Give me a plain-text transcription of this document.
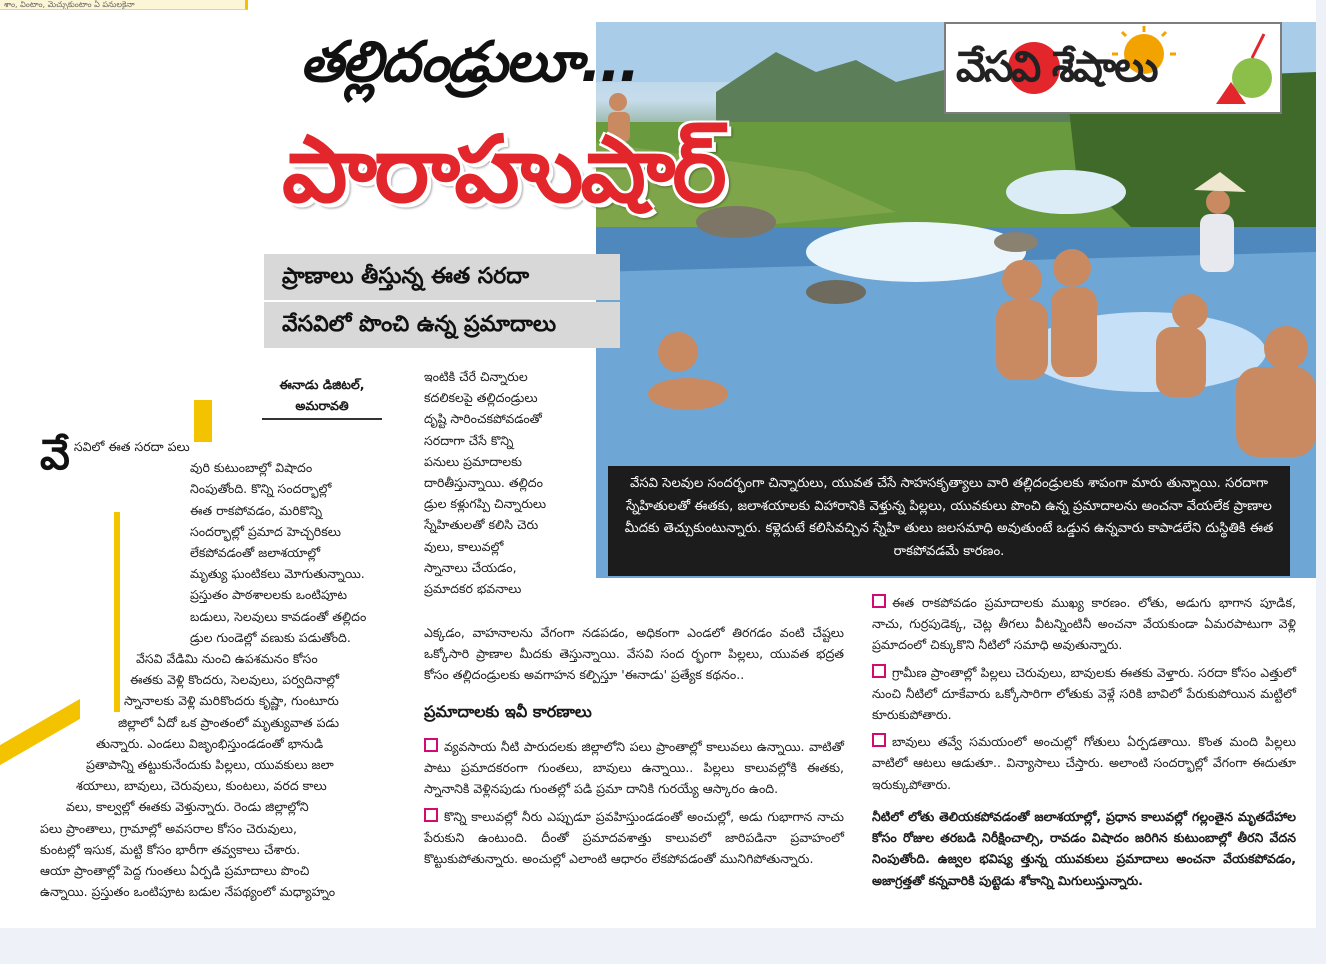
శాం, వింటాం, మెచ్చుకుంటాం ఏ పనులకైనా
తల్లిదండ్రులూ...
పారాహుషార్
వేసవి శేషాలు
ప్రాణాలు తీస్తున్న ఈత సరదా
వేసవిలో పొంచి ఉన్న ప్రమాదాలు
ఈనాడు డిజిటల్,
అమరావతి
వే సవిలో ఈత సరదా పలు
వురి కుటుంబాల్లో విషాదం
నింపుతోంది. కొన్ని సందర్భాల్లో
ఈత రాకపోవడం, మరికొన్ని
సందర్భాల్లో ప్రమాద హెచ్చరికలు
లేకపోవడంతో జలాశయాల్లో
మృత్యు ఘంటికలు మోగుతున్నాయి.
ప్రస్తుతం పాఠశాలలకు ఒంటిపూట
బడులు, సెలవులు కావడంతో తల్లిదం
డ్రుల గుండెల్లో వణుకు పడుతోంది.
వేసవి వేడిమి నుంచి ఉపశమనం కోసం
ఈతకు వెళ్లి కొందరు, సెలవులు, పర్వదినాల్లో
స్నానాలకు వెళ్లి మరికొందరు కృష్ణా, గుంటూరు
జిల్లాలో ఏదో ఒక ప్రాంతంలో మృత్యువాత పడు
తున్నారు. ఎండలు విజృంభిస్తుండడంతో భానుడి
ప్రతాపాన్ని తట్టుకునేందుకు పిల్లలు, యువకులు జలా
శయాలు, బావులు, చెరువులు, కుంటలు, వరద కాలు
వలు, కాల్వల్లో ఈతకు వెళ్తున్నారు. రెండు జిల్లాల్లోని
పలు ప్రాంతాలు, గ్రామాల్లో అవసరాల కోసం చెరువులు,
కుంటల్లో ఇసుక, మట్టి కోసం భారీగా తవ్వకాలు చేశారు.
ఆయా ప్రాంతాల్లో పెద్ద గుంతలు ఏర్పడి ప్రమాదాలు పొంచి
ఉన్నాయి. ప్రస్తుతం ఒంటిపూట బడుల నేపథ్యంలో మధ్యాహ్నం
ఇంటికి చేరే చిన్నారుల
కదలికలపై తల్లిదండ్రులు
దృష్టి సారించకపోవడంతో
సరదాగా చేసే కొన్ని
పనులు ప్రమాదాలకు
దారితీస్తున్నాయి. తల్లిదం
డ్రుల కళ్లుగప్పి చిన్నారులు
స్నేహితులతో కలిసి చెరు
వులు, కాలువల్లో
స్నానాలు చేయడం,
ప్రమాదకర భవనాలు
ఎక్కడం, వాహనాలను వేగంగా నడపడం, అధికంగా ఎండలో తిరగడం వంటి చేష్టలు ఒక్కోసారి ప్రాణాల మీదకు తెస్తున్నాయి. వేసవి సంద ర్భంగా పిల్లలు, యువత భద్రత కోసం తల్లిదండ్రులకు అవగాహన కల్పిస్తూ 'ఈనాడు' ప్రత్యేక కథనం..
ప్రమాదాలకు ఇవీ కారణాలు

వ్యవసాయ నీటి పారుదలకు జిల్లాలోని పలు ప్రాంతాల్లో కాలువలు ఉన్నాయి. వాటితో పాటు ప్రమాదకరంగా గుంతలు, బావులు ఉన్నాయి.. పిల్లలు కాలువల్లోకి ఈతకు, స్నానానికి వెళ్లినపుడు గుంతల్లో పడి ప్రమా దానికి గురయ్యే ఆస్కారం ఉంది.

కొన్ని కాలువల్లో నీరు ఎప్పుడూ ప్రవహిస్తుండడంతో అంచుల్లో, అడు గుభాగాన నాచు పేరుకుని ఉంటుంది. దీంతో ప్రమాదవశాత్తు కాలువలో జారిపడినా ప్రవాహంలో కొట్టుకుపోతున్నారు. అంచుల్లో ఎలాంటి ఆధారం లేకపోవడంతో మునిగిపోతున్నారు.

ఈత రాకపోవడం ప్రమాదాలకు ముఖ్య కారణం. లోతు, అడుగు భాగాన పూడిక, నాచు, గుర్రపుడెక్క, చెట్ల తీగలు వీటన్నింటినీ అంచనా వేయకుండా ఏమరపాటుగా వెళ్లి ప్రమాదంలో చిక్కుకొని నీటిలో సమాధి అవుతున్నారు.

గ్రామీణ ప్రాంతాల్లో పిల్లలు చెరువులు, బావులకు ఈతకు వెళ్తారు. సరదా కోసం ఎత్తులో నుంచి నీటిలో దూకేవారు ఒక్కోసారిగా లోతుకు వెళ్లే సరికి బావిలో పేరుకుపోయిన మట్టిలో కూరుకుపోతారు.

బావులు తవ్వే సమయంలో అంచుల్లో గోతులు ఏర్పడతాయి. కొంత మంది పిల్లలు వాటిలో ఆటలు ఆడుతూ.. విన్యాసాలు చేస్తారు. అలాంటి సందర్భాల్లో వేగంగా ఈదుతూ ఇరుక్కుపోతారు.

నీటిలో లోతు తెలియకపోవడంతో జలాశయాల్లో, ప్రధాన కాలువల్లో గల్లంతైన మృతదేహాల కోసం రోజుల తరబడి నిరీక్షించాల్సి, రావడం విషాదం జరిగిన కుటుంబాల్లో తీరని వేదన నింపుతోంది. ఉజ్వల భవిష్య త్తున్న యువకులు ప్రమాదాలు అంచనా వేయకపోవడం, అజాగ్రత్తతో కన్నవారికి పుట్టెడు శోకాన్ని మిగులుస్తున్నారు.
వేసవి సెలవుల సందర్భంగా చిన్నారులు, యువత చేసే సాహసకృత్యాలు వారి తల్లిదండ్రులకు శాపంగా మారు తున్నాయి. సరదాగా స్నేహితులతో ఈతకు, జలాశయాలకు విహారానికి వెళ్తున్న పిల్లలు, యువకులు పొంచి ఉన్న ప్రమాదాలను అంచనా వేయలేక ప్రాణాల మీదకు తెచ్చుకుంటున్నారు. కళ్లెదుటే కలిసివచ్చిన స్నేహి తులు జలసమాధి అవుతుంటే ఒడ్డున ఉన్నవారు కాపాడలేని దుస్థితికి ఈత రాకపోవడమే కారణం.
